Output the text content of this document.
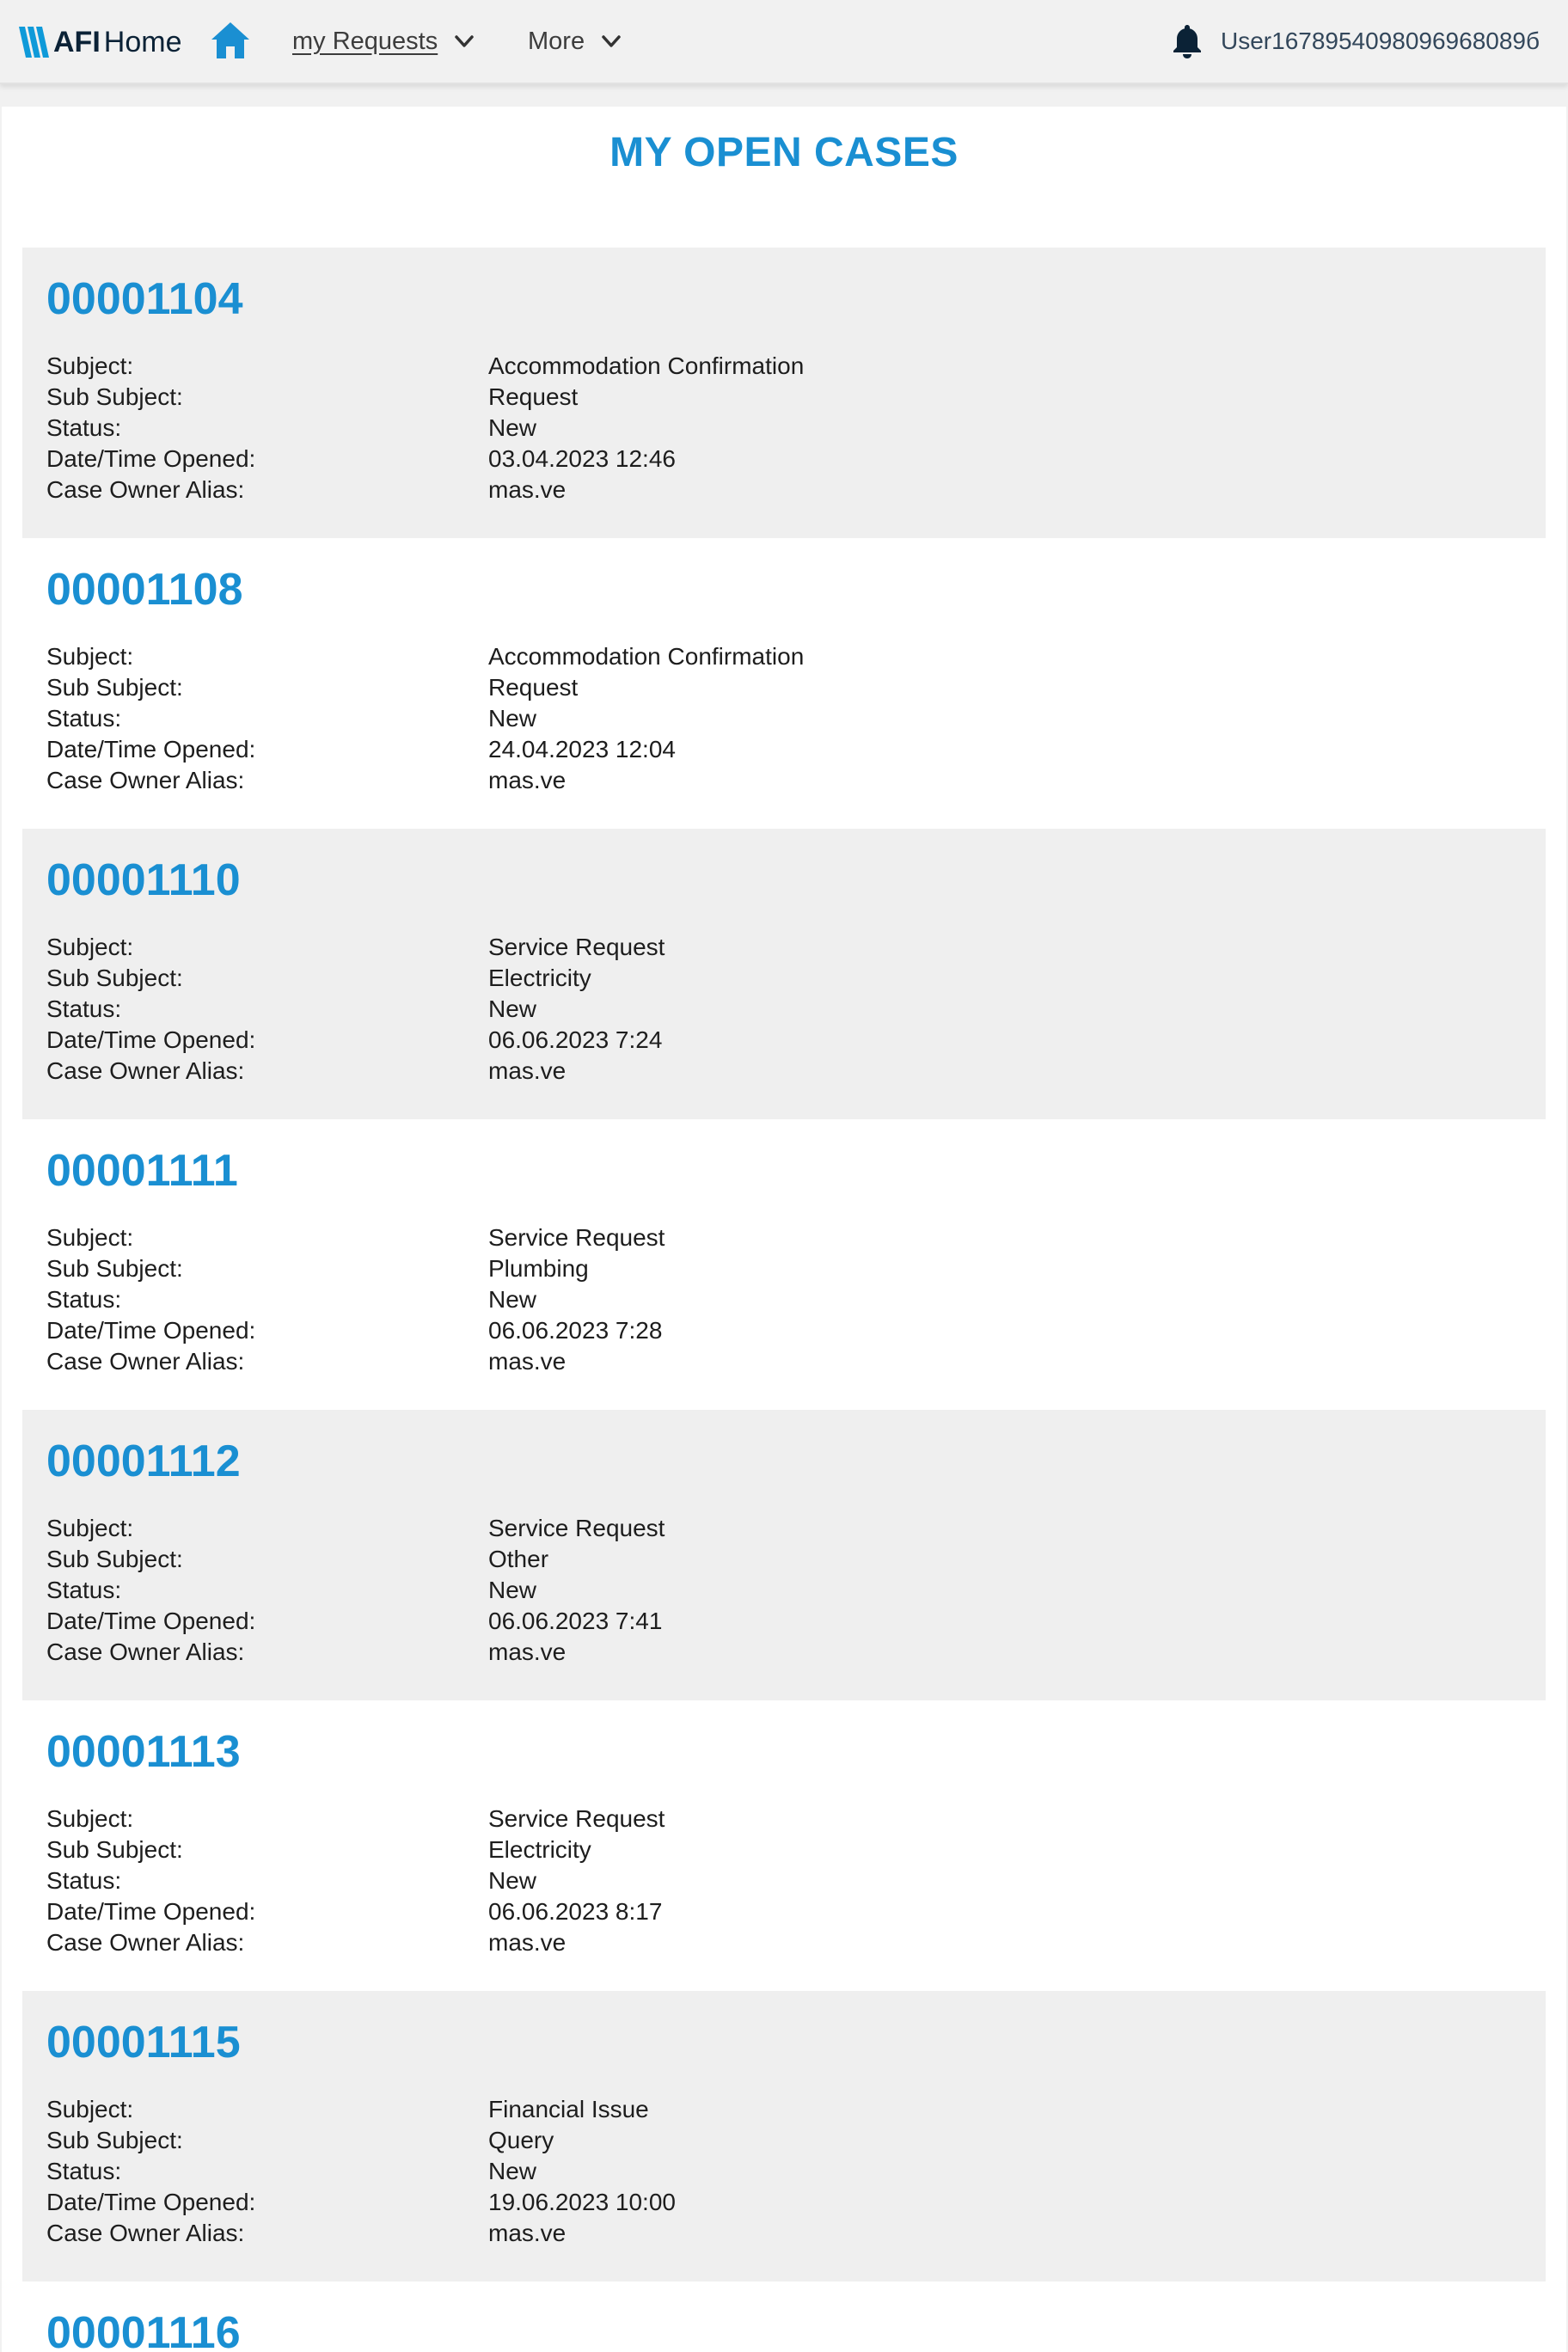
AFI Home	my Requests	More	User1678954098096968089б
MY OPEN CASES
00001104
Subject:	Accommodation Confirmation
Sub Subject:	Request
Status:	New
Date/Time Opened:	03.04.2023 12:46
Case Owner Alias:	mas.ve
00001108
Subject:	Accommodation Confirmation
Sub Subject:	Request
Status:	New
Date/Time Opened:	24.04.2023 12:04
Case Owner Alias:	mas.ve
00001110
Subject:	Service Request
Sub Subject:	Electricity
Status:	New
Date/Time Opened:	06.06.2023 7:24
Case Owner Alias:	mas.ve
00001111
Subject:	Service Request
Sub Subject:	Plumbing
Status:	New
Date/Time Opened:	06.06.2023 7:28
Case Owner Alias:	mas.ve
00001112
Subject:	Service Request
Sub Subject:	Other
Status:	New
Date/Time Opened:	06.06.2023 7:41
Case Owner Alias:	mas.ve
00001113
Subject:	Service Request
Sub Subject:	Electricity
Status:	New
Date/Time Opened:	06.06.2023 8:17
Case Owner Alias:	mas.ve
00001115
Subject:	Financial Issue
Sub Subject:	Query
Status:	New
Date/Time Opened:	19.06.2023 10:00
Case Owner Alias:	mas.ve
00001116
